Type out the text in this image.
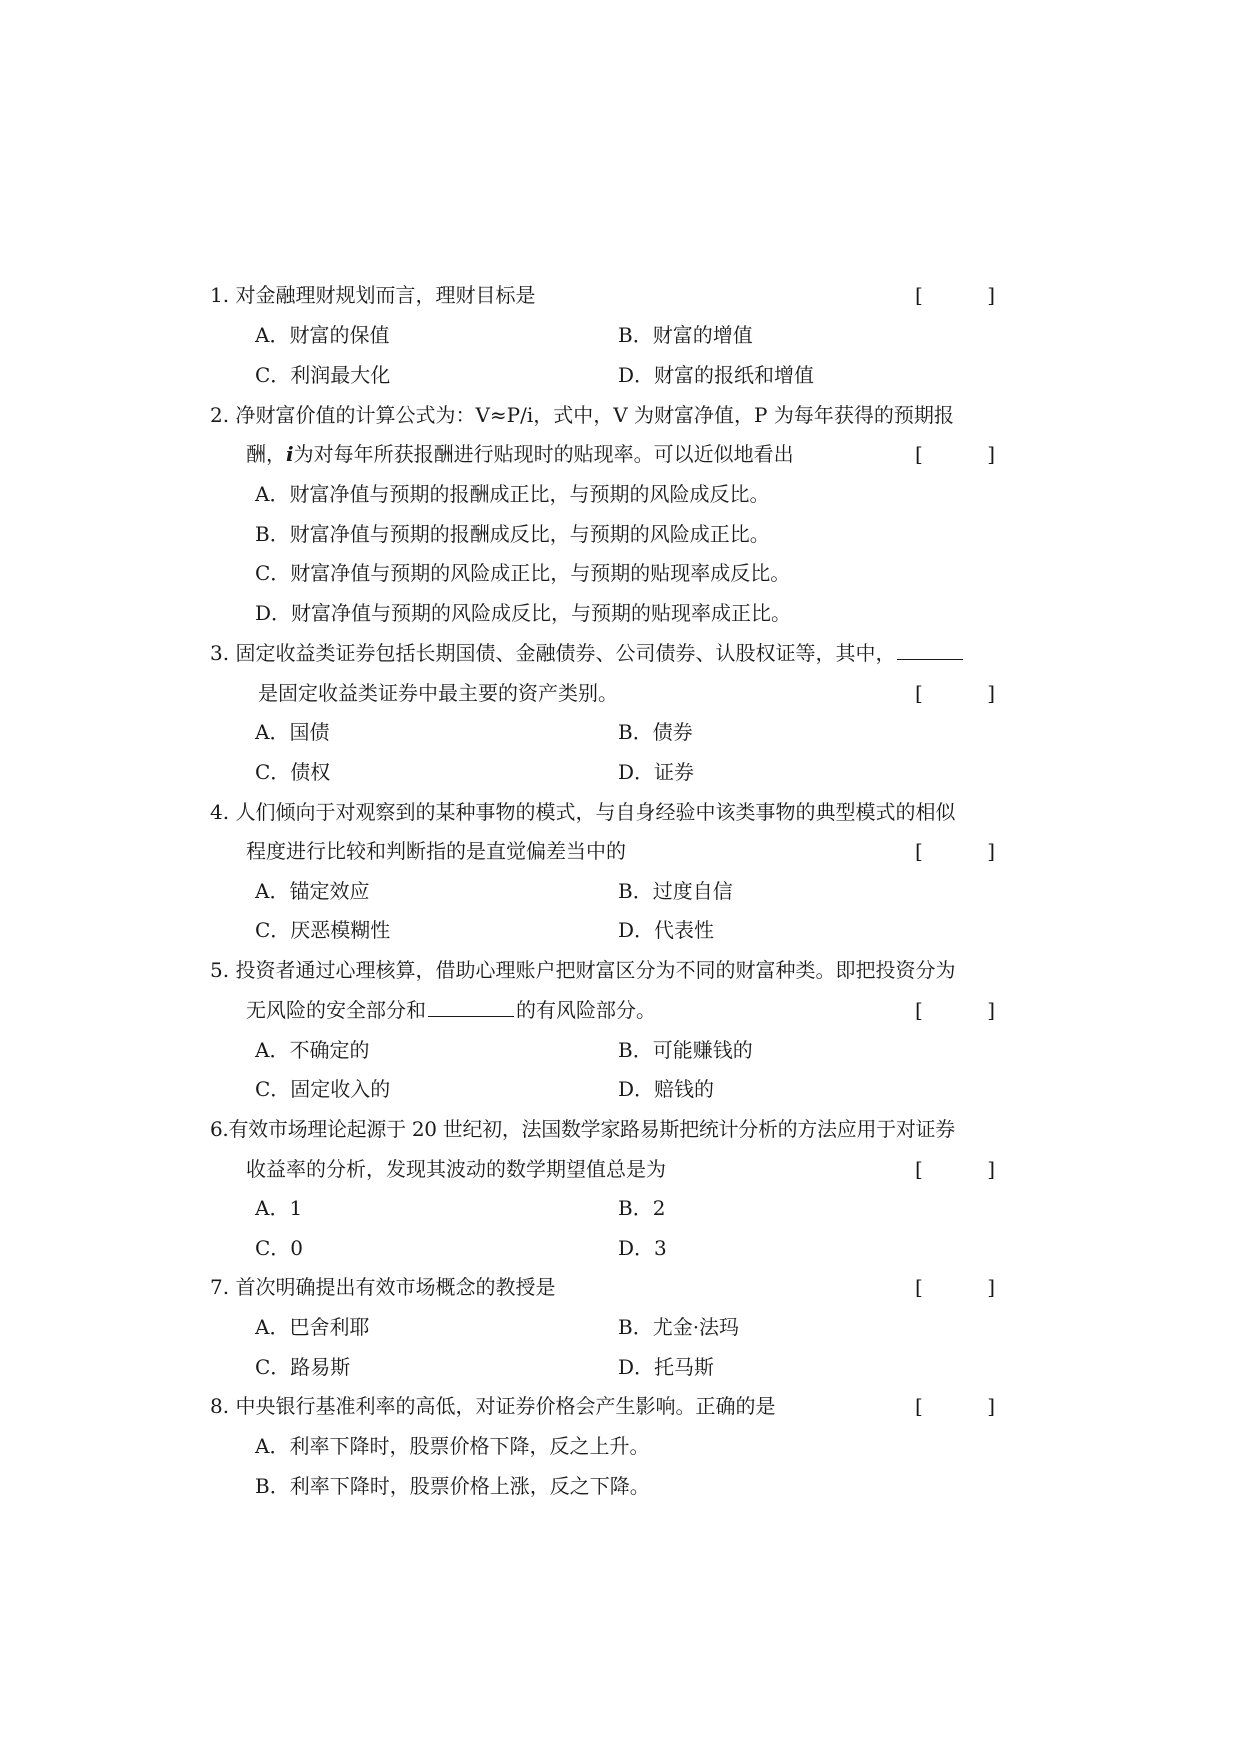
1. 对金融理财规划而言，理财目标是	[	]
A．财富的保值	B．财富的增值
C．利润最大化	D．财富的报纸和增值
2. 净财富价值的计算公式为：V≈P/i，式中，V 为财富净值，P 为每年获得的预期报
酬，i为对每年所获报酬进行贴现时的贴现率。可以近似地看出	[	]
A．财富净值与预期的报酬成正比，与预期的风险成反比。
B．财富净值与预期的报酬成反比，与预期的风险成正比。
C．财富净值与预期的风险成正比，与预期的贴现率成反比。
D．财富净值与预期的风险成反比，与预期的贴现率成正比。
3. 固定收益类证券包括长期国债、金融债券、公司债券、认股权证等，其中，
是固定收益类证券中最主要的资产类别。	[	]
A．国债	B．债券
C．债权	D．证券
4. 人们倾向于对观察到的某种事物的模式，与自身经验中该类事物的典型模式的相似
程度进行比较和判断指的是直觉偏差当中的	[	]
A．锚定效应	B．过度自信
C．厌恶模糊性	D．代表性
5. 投资者通过心理核算，借助心理账户把财富区分为不同的财富种类。即把投资分为
无风险的安全部分和	的有风险部分。	[	]
A．不确定的	B．可能赚钱的
C．固定收入的	D．赔钱的
6.有效市场理论起源于 20 世纪初，法国数学家路易斯把统计分析的方法应用于对证券
收益率的分析，发现其波动的数学期望值总是为	[	]
A．1	B．2
C．0	D．3
7. 首次明确提出有效市场概念的教授是	[	]
A．巴舍利耶	B．尤金·法玛
C．路易斯	D．托马斯
8. 中央银行基准利率的高低，对证券价格会产生影响。正确的是	[	]
A．利率下降时，股票价格下降，反之上升。
B．利率下降时，股票价格上涨，反之下降。
